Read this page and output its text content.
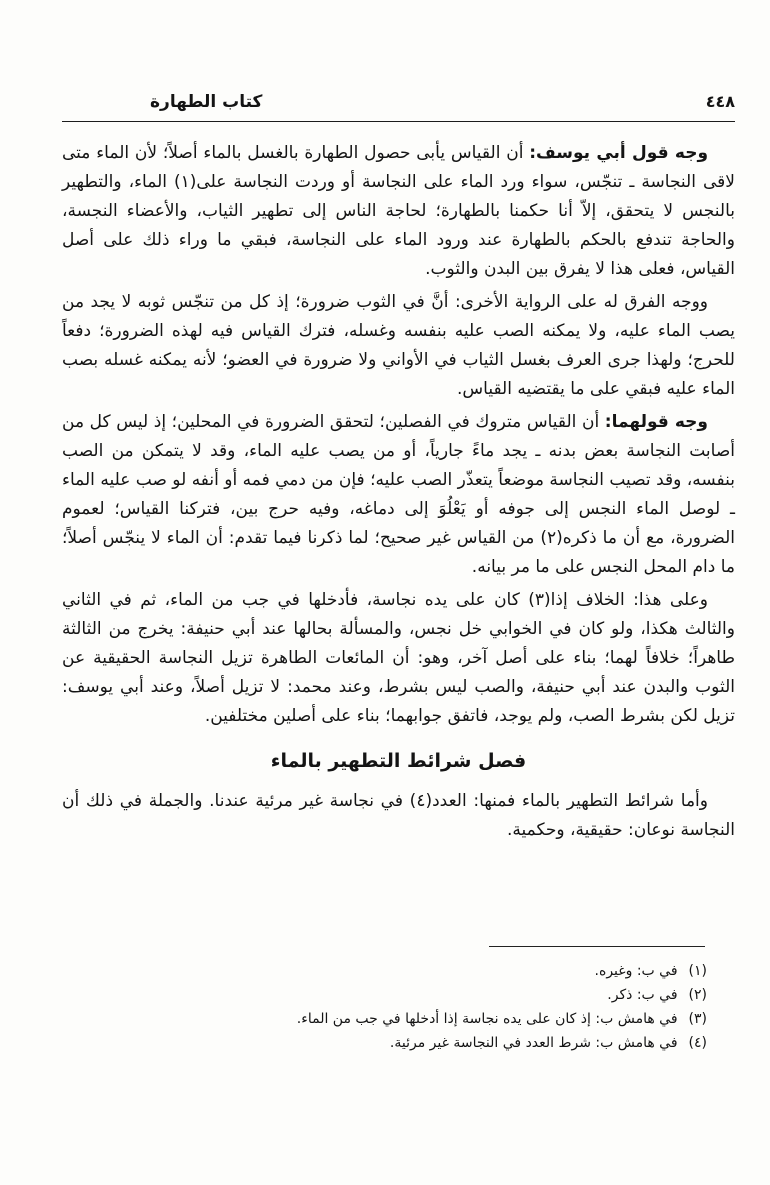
كتاب الطهارة	٤٤٨

وجه قول أبي يوسف: أن القياس يأبى حصول الطهارة بالغسل بالماء أصلاً؛ لأن الماء متى لاقى النجاسة ـ تنجّس، سواء ورد الماء على النجاسة أو وردت النجاسة على(١) الماء، والتطهير بالنجس لا يتحقق، إلاّ أنا حكمنا بالطهارة؛ لحاجة الناس إلى تطهير الثياب، والأعضاء النجسة، والحاجة تندفع بالحكم بالطهارة عند ورود الماء على النجاسة، فبقي ما وراء ذلك على أصل القياس، فعلى هذا لا يفرق بين البدن والثوب.

ووجه الفرق له على الرواية الأخرى: أنَّ في الثوب ضرورة؛ إذ كل من تنجّس ثوبه لا يجد من يصب الماء عليه، ولا يمكنه الصب عليه بنفسه وغسله، فترك القياس فيه لهذه الضرورة؛ دفعاً للحرج؛ ولهذا جرى العرف بغسل الثياب في الأواني ولا ضرورة في العضو؛ لأنه يمكنه غسله بصب الماء عليه فبقي على ما يقتضيه القياس.

وجه قولهما: أن القياس متروك في الفصلين؛ لتحقق الضرورة في المحلين؛ إذ ليس كل من أصابت النجاسة بعض بدنه ـ يجد ماءً جارياً، أو من يصب عليه الماء، وقد لا يتمكن من الصب بنفسه، وقد تصيب النجاسة موضعاً يتعذّر الصب عليه؛ فإن من دمي فمه أو أنفه لو صب عليه الماء ـ لوصل الماء النجس إلى جوفه أو يَعْلُوَ إلى دماغه، وفيه حرج بين، فتركنا القياس؛ لعموم الضرورة، مع أن ما ذكره(٢) من القياس غير صحيح؛ لما ذكرنا فيما تقدم: أن الماء لا ينجّس أصلاً؛ ما دام المحل النجس على ما مر بيانه.

وعلى هذا: الخلاف إذا(٣) كان على يده نجاسة، فأدخلها في جب من الماء، ثم في الثاني والثالث هكذا، ولو كان في الخوابي خل نجس، والمسألة بحالها عند أبي حنيفة: يخرج من الثالثة طاهراً؛ خلافاً لهما؛ بناء على أصل آخر، وهو: أن المائعات الطاهرة تزيل النجاسة الحقيقية عن الثوب والبدن عند أبي حنيفة، والصب ليس بشرط، وعند محمد: لا تزيل أصلاً، وعند أبي يوسف: تزيل لكن بشرط الصب، ولم يوجد، فاتفق جوابهما؛ بناء على أصلين مختلفين.

فصل شرائط التطهير بالماء

وأما شرائط التطهير بالماء فمنها: العدد(٤) في نجاسة غير مرئية عندنا. والجملة في ذلك أن النجاسة نوعان: حقيقية، وحكمية.

(١)
في ب: وغيره.
(٢)
في ب: ذكر.
(٣)
في هامش ب: إذ كان على يده نجاسة إذا أدخلها في جب من الماء.
(٤)
في هامش ب: شرط العدد في النجاسة غير مرئية.
